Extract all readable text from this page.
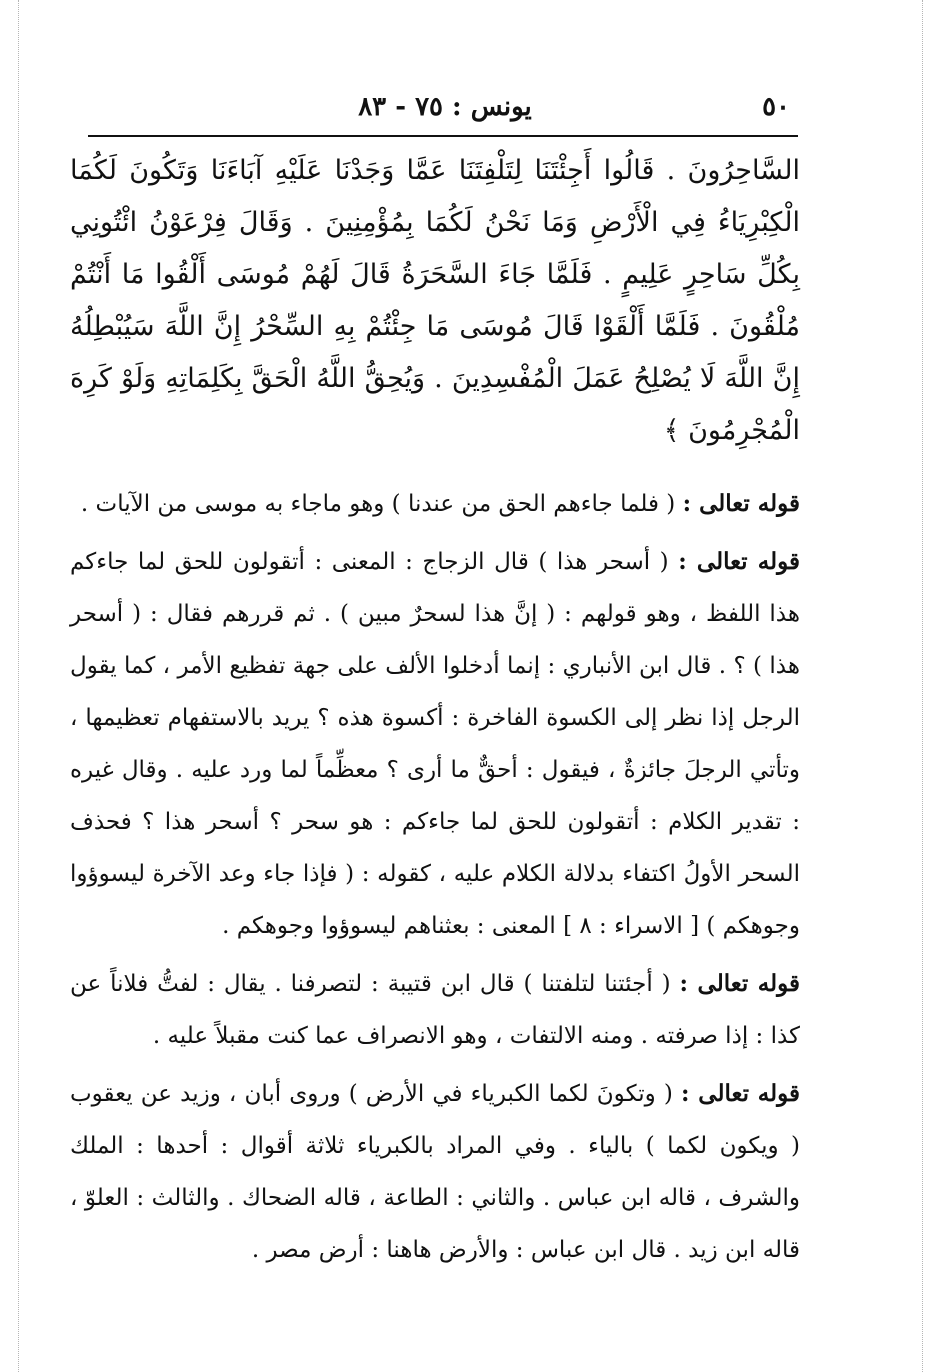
٥٠
يونس : ٧٥ - ٨٣
السَّاحِرُونَ . قَالُوا أَجِئْتَنَا لِتَلْفِتَنَا عَمَّا وَجَدْنَا عَلَيْهِ آبَاءَنَا وَتَكُونَ لَكُمَا الْكِبْرِيَاءُ فِي الْأَرْضِ وَمَا نَحْنُ لَكُمَا بِمُؤْمِنِينَ . وَقَالَ فِرْعَوْنُ ائْتُونِي بِكُلِّ سَاحِرٍ عَلِيمٍ . فَلَمَّا جَاءَ السَّحَرَةُ قَالَ لَهُمْ مُوسَى أَلْقُوا مَا أَنْتُمْ مُلْقُونَ . فَلَمَّا أَلْقَوْا قَالَ مُوسَى مَا جِئْتُمْ بِهِ السِّحْرُ إِنَّ اللَّهَ سَيُبْطِلُهُ إِنَّ اللَّهَ لَا يُصْلِحُ عَمَلَ الْمُفْسِدِينَ . وَيُحِقُّ اللَّهُ الْحَقَّ بِكَلِمَاتِهِ وَلَوْ كَرِهَ الْمُجْرِمُونَ ﴾

قوله تعالى : ( فلما جاءهم الحق من عندنا ) وهو ماجاء به موسى من الآيات .

قوله تعالى : ( أسحر هذا ) قال الزجاج : المعنى : أتقولون للحق لما جاءكم هذا اللفظ ، وهو قولهم : ( إنَّ هذا لسحرٌ مبين ) . ثم قررهم فقال : ( أسحر هذا ) ؟ . قال ابن الأنباري : إنما أدخلوا الألف على جهة تفظيع الأمر ، كما يقول الرجل إذا نظر إلى الكسوة الفاخرة : أكسوة هذه ؟ يريد بالاستفهام تعظيمها ، وتأتي الرجلَ جائزةٌ ، فيقول : أحقٌّ ما أرى ؟ معظِّماً لما ورد عليه . وقال غيره : تقدير الكلام : أتقولون للحق لما جاءكم : هو سحر ؟ أسحر هذا ؟ فحذف السحر الأولُ اكتفاء بدلالة الكلام عليه ، كقوله : ( فإذا جاء وعد الآخرة ليسوؤوا وجوهكم ) [ الاسراء : ٨ ] المعنى : بعثناهم ليسوؤوا وجوهكم .

قوله تعالى : ( أجئتنا لتلفتنا ) قال ابن قتيبة : لتصرفنا . يقال : لفتُّ فلاناً عن كذا : إذا صرفته . ومنه الالتفات ، وهو الانصراف عما كنت مقبلاً عليه .

قوله تعالى : ( وتكونَ لكما الكبرياء في الأرض ) وروى أبان ، وزيد عن يعقوب ( ويكون لكما ) بالياء . وفي المراد بالكبرياء ثلاثة أقوال : أحدها : الملك والشرف ، قاله ابن عباس . والثاني : الطاعة ، قاله الضحاك . والثالث : العلوّ ، قاله ابن زيد . قال ابن عباس : والأرض هاهنا : أرض مصر .
